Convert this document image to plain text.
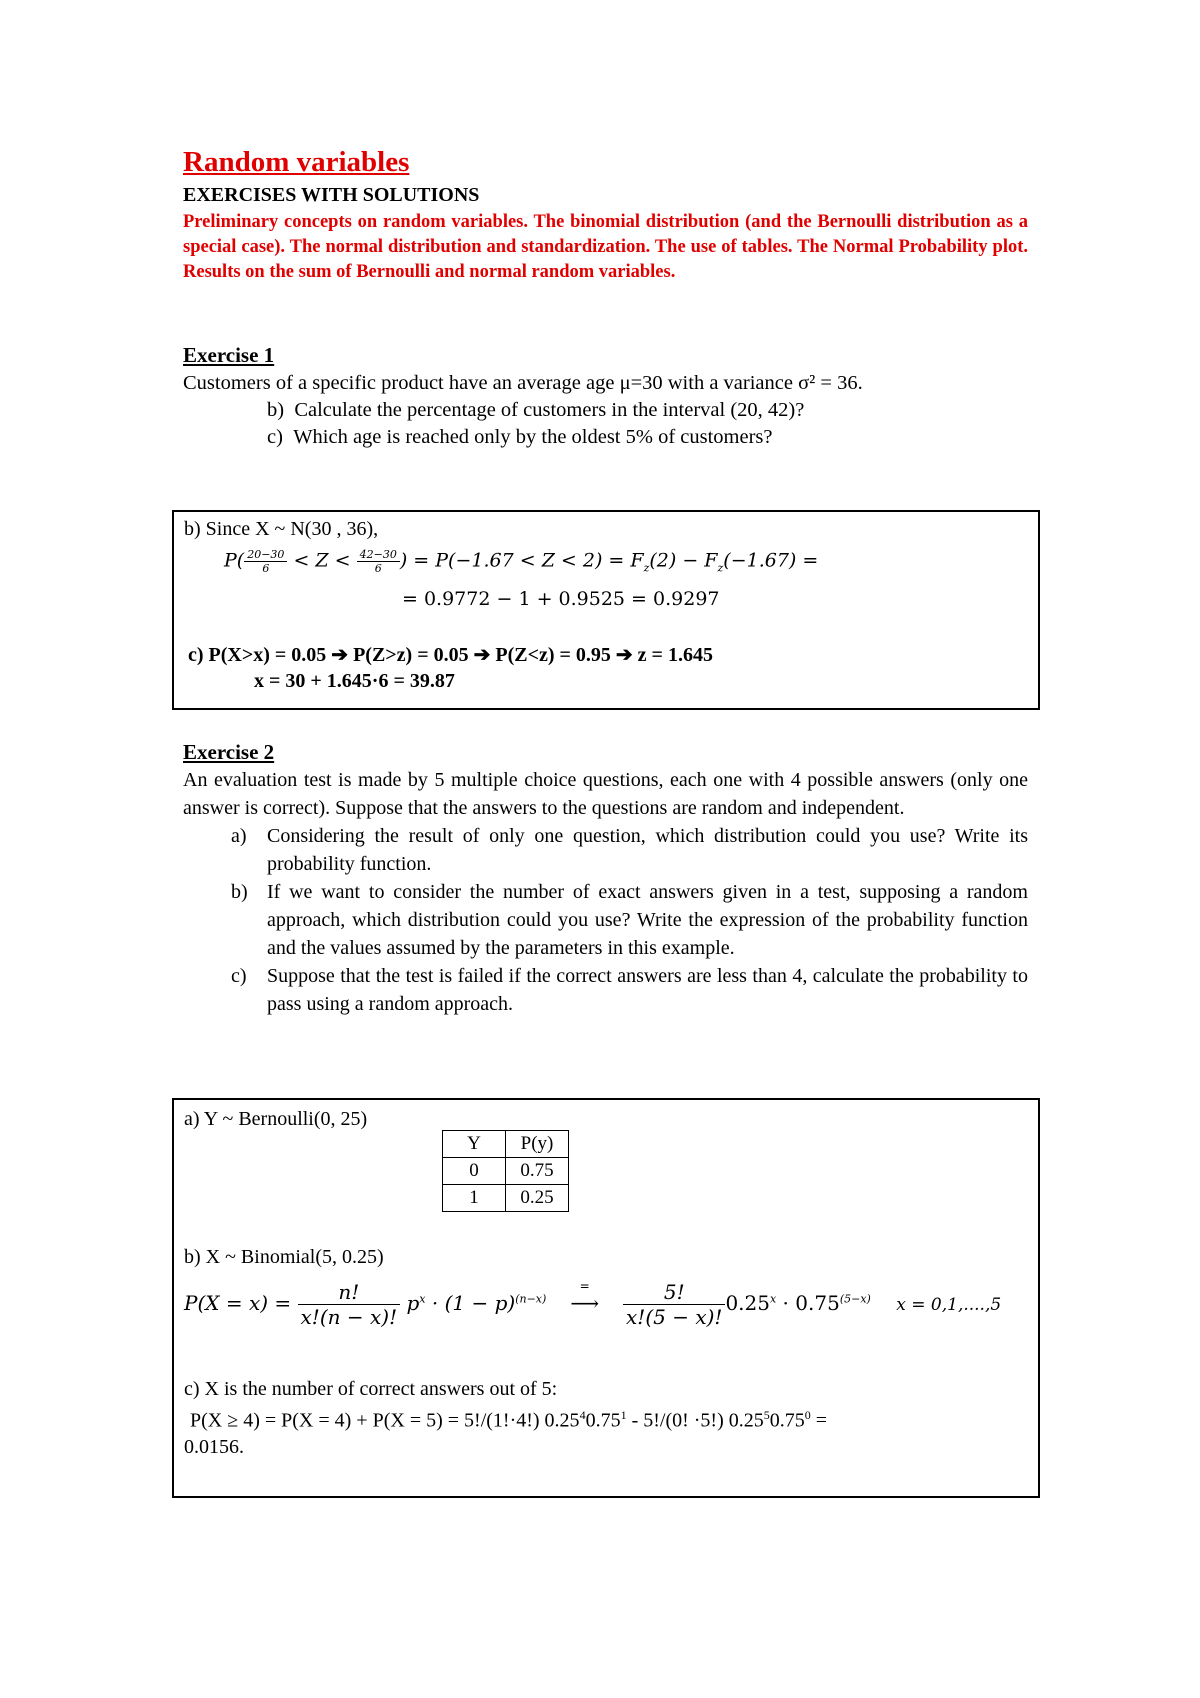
Random variables
EXERCISES WITH SOLUTIONS
Preliminary concepts on random variables. The binomial distribution (and the Bernoulli distribution as a special case). The normal distribution and standardization. The use of tables. The Normal Probability plot. Results on the sum of Bernoulli and normal random variables.
Exercise 1
Customers of a specific product have an average age μ=30 with a variance σ² = 36.
b) Calculate the percentage of customers in the interval (20, 42)?
c) Which age is reached only by the oldest 5% of customers?
b) Since X ~ N(30 , 36),
$P( \frac{20-30}{6} < Z < \frac{42-30}{6}$ ) = $P(-1.67 < Z < 2) = F_z(2) - F_z(-1.67)$ =
= 0.9772 − 1 + 0.9525 = 0.9297
c) P(X>x) = 0.05 ➔ P(Z>z) = 0.05 ➔ P(Z<z) = 0.95 ➔ z = 1.645
x = 30 + 1.645·6 = 39.87
Exercise 2
An evaluation test is made by 5 multiple choice questions, each one with 4 possible answers (only one answer is correct). Suppose that the answers to the questions are random and independent.
a)	Considering the result of only one question, which distribution could you use? Write its probability function.
b) If we want to consider the number of exact answers given in a test, supposing a random approach, which distribution could you use? Write the expression of the probability function and the values assumed by the parameters in this example.
c)	Suppose that the test is failed if the correct answers are less than 4, calculate the probability to pass using a random approach.
a) Y ~ Bernoulli(0, 25)
Y	P(y)
0	0.75
1	0.25
b) X ~ Binomial(5, 0.25)
$P(X = x) = \frac{n!}{x!(n - x)!} p^x \cdot (1 - p)^{(n-x)}$
=
⟶ $\frac{5!}{x!(5 - x)!} 0.25^x \cdot 0.75^{(5-x)}$ x = 0,1,....,5
c) X is the number of correct answers out of 5:
P(X ≥ 4) = P(X = 4) + P(X = 5) = 5!/(1!·4!) 0.25$^4$0.75$^1$ - 5!/(0! ·5!) $0.25^50.75^0$ =
0.0156.
